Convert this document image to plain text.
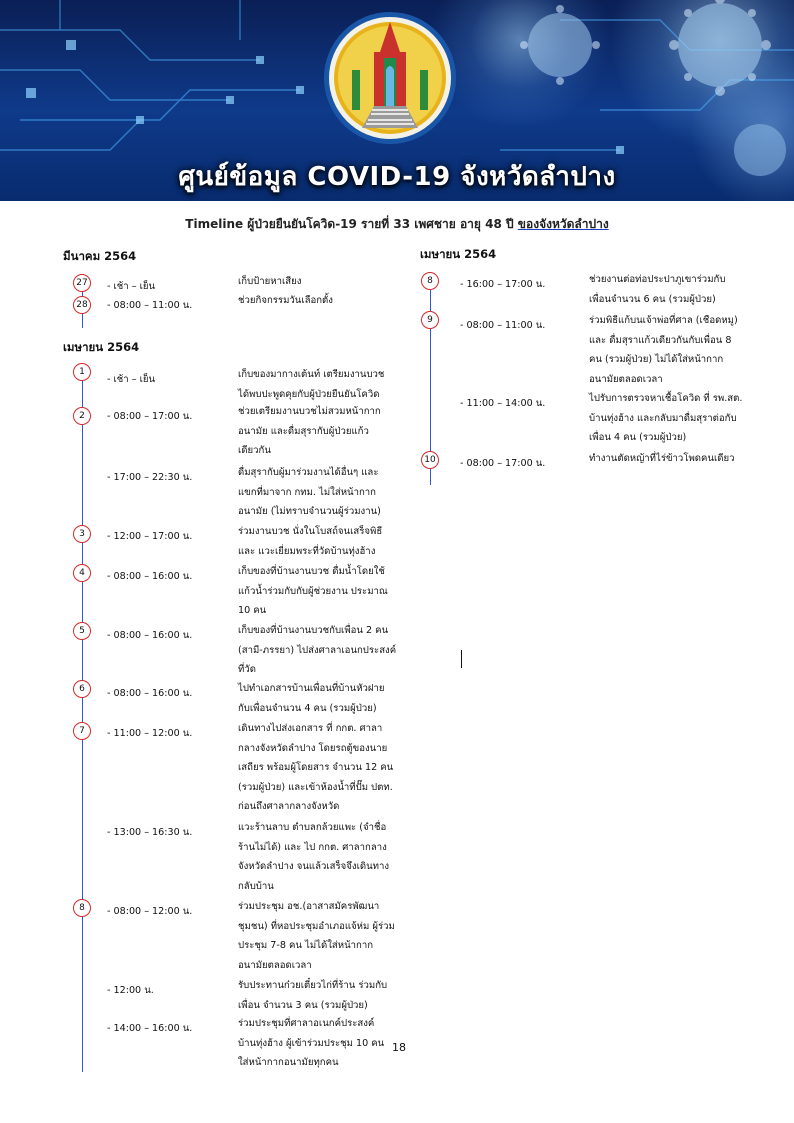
ศูนย์ข้อมูล COVID-19 จังหวัดลำปาง
Timeline ผู้ป่วยยืนยันโควิด-19 รายที่ 33 เพศชาย อายุ 48 ปี ของจังหวัดลำปาง
มีนาคม 2564
27	- เช้า – เย็น	เก็บป้ายหาเสียง
28	- 08:00 – 11:00 น.	ช่วยกิจกรรมวันเลือกตั้ง
เมษายน 2564
1
- เช้า – เย็น	เก็บของมากางเต้นท์ เตรียมงานบวช
ได้พบปะพูดคุยกับผู้ป่วยยืนยันโควิด
2	- 08:00 – 17:00 น.	ช่วยเตรียมงานบวชไม่สวมหน้ากาก
อนามัย และดื่มสุรากับผู้ป่วยแก้ว
เดียวกัน
- 17:00 – 22:30 น.	ดื่มสุรากับผู้มาร่วมงานได้อื่นๆ และ
แขกที่มาจาก กทม. ไม่ใส่หน้ากาก
อนามัย (ไม่ทราบจำนวนผู้ร่วมงาน)
3	- 12:00 – 17:00 น.	ร่วมงานบวช นั่งในโบสถ์จนเสร็จพิธี
และ แวะเยี่ยมพระที่วัดบ้านทุ่งฮ้าง
4	- 08:00 – 16:00 น.	เก็บของที่บ้านงานบวช ดื่มน้ำโดยใช้
แก้วน้ำร่วมกับกับผู้ช่วยงาน ประมาณ
10 คน
5	- 08:00 – 16:00 น.	เก็บของที่บ้านงานบวชกับเพื่อน 2 คน
(สามี-ภรรยา) ไปส่งศาลาเอนกประสงค์
ที่วัด
6	- 08:00 – 16:00 น.	ไปทำเอกสารบ้านเพื่อนที่บ้านหัวฝาย
กับเพื่อนจำนวน 4 คน (รวมผู้ป่วย)
7	- 11:00 – 12:00 น.	เดินทางไปส่งเอกสาร ที่ กกต. ศาลา
กลางจังหวัดลำปาง โดยรถตู้ของนาย
เสถียร พร้อมผู้โดยสาร จำนวน 12 คน
(รวมผู้ป่วย) และเข้าห้องน้ำที่ปั๊ม ปตท.
ก่อนถึงศาลากลางจังหวัด
- 13:00 – 16:30 น.	แวะร้านลาบ ตำบลกล้วยแพะ (จำชื่อ
ร้านไม่ได้) และ ไป กกต. ศาลากลาง
จังหวัดลำปาง จนแล้วเสร็จจึงเดินทาง
กลับบ้าน
8	- 08:00 – 12:00 น.	ร่วมประชุม อช.(อาสาสมัครพัฒนา
ชุมชน) ที่หอประชุมอำเภอแจ้ห่ม ผู้ร่วม
ประชุม 7-8 คน ไม่ได้ใส่หน้ากาก
อนามัยตลอดเวลา
- 12:00 น.	รับประทานก๋วยเตี๋ยวไก่ที่ร้าน ร่วมกับ
เพื่อน จำนวน 3 คน (รวมผู้ป่วย)
- 14:00 – 16:00 น.	ร่วมประชุมที่ศาลาอเนกค์ประสงค์
บ้านทุ่งฮ้าง ผู้เข้าร่วมประชุม 10 คน
ใส่หน้ากากอนามัยทุกคน
เมษายน 2564
8	- 16:00 – 17:00 น.	ช่วยงานต่อท่อประปาภูเขาร่วมกับ
เพื่อนจำนวน 6 คน (รวมผู้ป่วย)
9	- 08:00 – 11:00 น.	ร่วมพิธีแก้บนเจ้าพ่อที่ศาล (เชือดหมู)
และ ดื่มสุราแก้วเดียวกันกับเพื่อน 8
คน (รวมผู้ป่วย) ไม่ได้ใส่หน้ากาก
อนามัยตลอดเวลา
- 11:00 – 14:00 น.	ไปรับการตรวจหาเชื้อโควิด ที่ รพ.สต.
บ้านทุ่งฮ้าง และกลับมาดื่มสุราต่อกับ
เพื่อน 4 คน (รวมผู้ป่วย)
10	- 08:00 – 17:00 น.	ทำงานตัดหญ้าที่ไร่ข้าวโพดคนเดียว
18
